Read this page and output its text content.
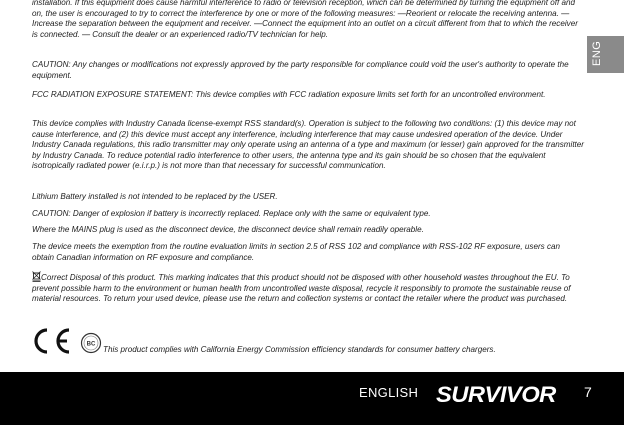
installation. If this equipment does cause harmful interference to radio or television reception, which can be determined by turning the equipment off and on, the user is encouraged to try to correct the interference by one or more of the following measures: —Reorient or relocate the receiving antenna. —Increase the separation between the equipment and receiver. —Connect the equipment into an outlet on a circuit different from that to which the receiver is connected. — Consult the dealer or an experienced radio/TV technician for help.

CAUTION: Any changes or modifications not expressly approved by the party responsible for compliance could void the user's authority to operate the equipment.

FCC RADIATION EXPOSURE STATEMENT: This device complies with FCC radiation exposure limits set forth for an uncontrolled environment.

This device complies with Industry Canada license-exempt RSS standard(s). Operation is subject to the following two conditions: (1) this device may not cause interference, and (2) this device must accept any interference, including interference that may cause undesired operation of the device. Under Industry Canada regulations, this radio transmitter may only operate using an antenna of a type and maximum (or lesser) gain approved for the transmitter by Industry Canada. To reduce potential radio interference to other users, the antenna type and its gain should be so chosen that the equivalent isotropically radiated power (e.i.r.p.) is not more than that necessary for successful communication.

Lithium Battery installed is not intended to be replaced by the USER.

CAUTION: Danger of explosion if battery is incorrectly replaced. Replace only with the same or equivalent type.

Where the MAINS plug is used as the disconnect device, the disconnect device shall remain readily operable.

The device meets the exemption from the routine evaluation limits in section 2.5 of RSS 102 and compliance with RSS-102 RF exposure, users can obtain Canadian information on RF exposure and compliance.

Correct Disposal of this product. This marking indicates that this product should not be disposed with other household wastes throughout the EU. To prevent possible harm to the environment or human health from uncontrolled waste disposal, recycle it responsibly to promote the sustainable reuse of material resources. To return your used device, please use the return and collection systems or contact the retailer where the product was purchased.

BC
This product complies with California Energy Commission efficiency standards for consumer battery chargers.
ENG
ENGLISH SURVIVOR 7
